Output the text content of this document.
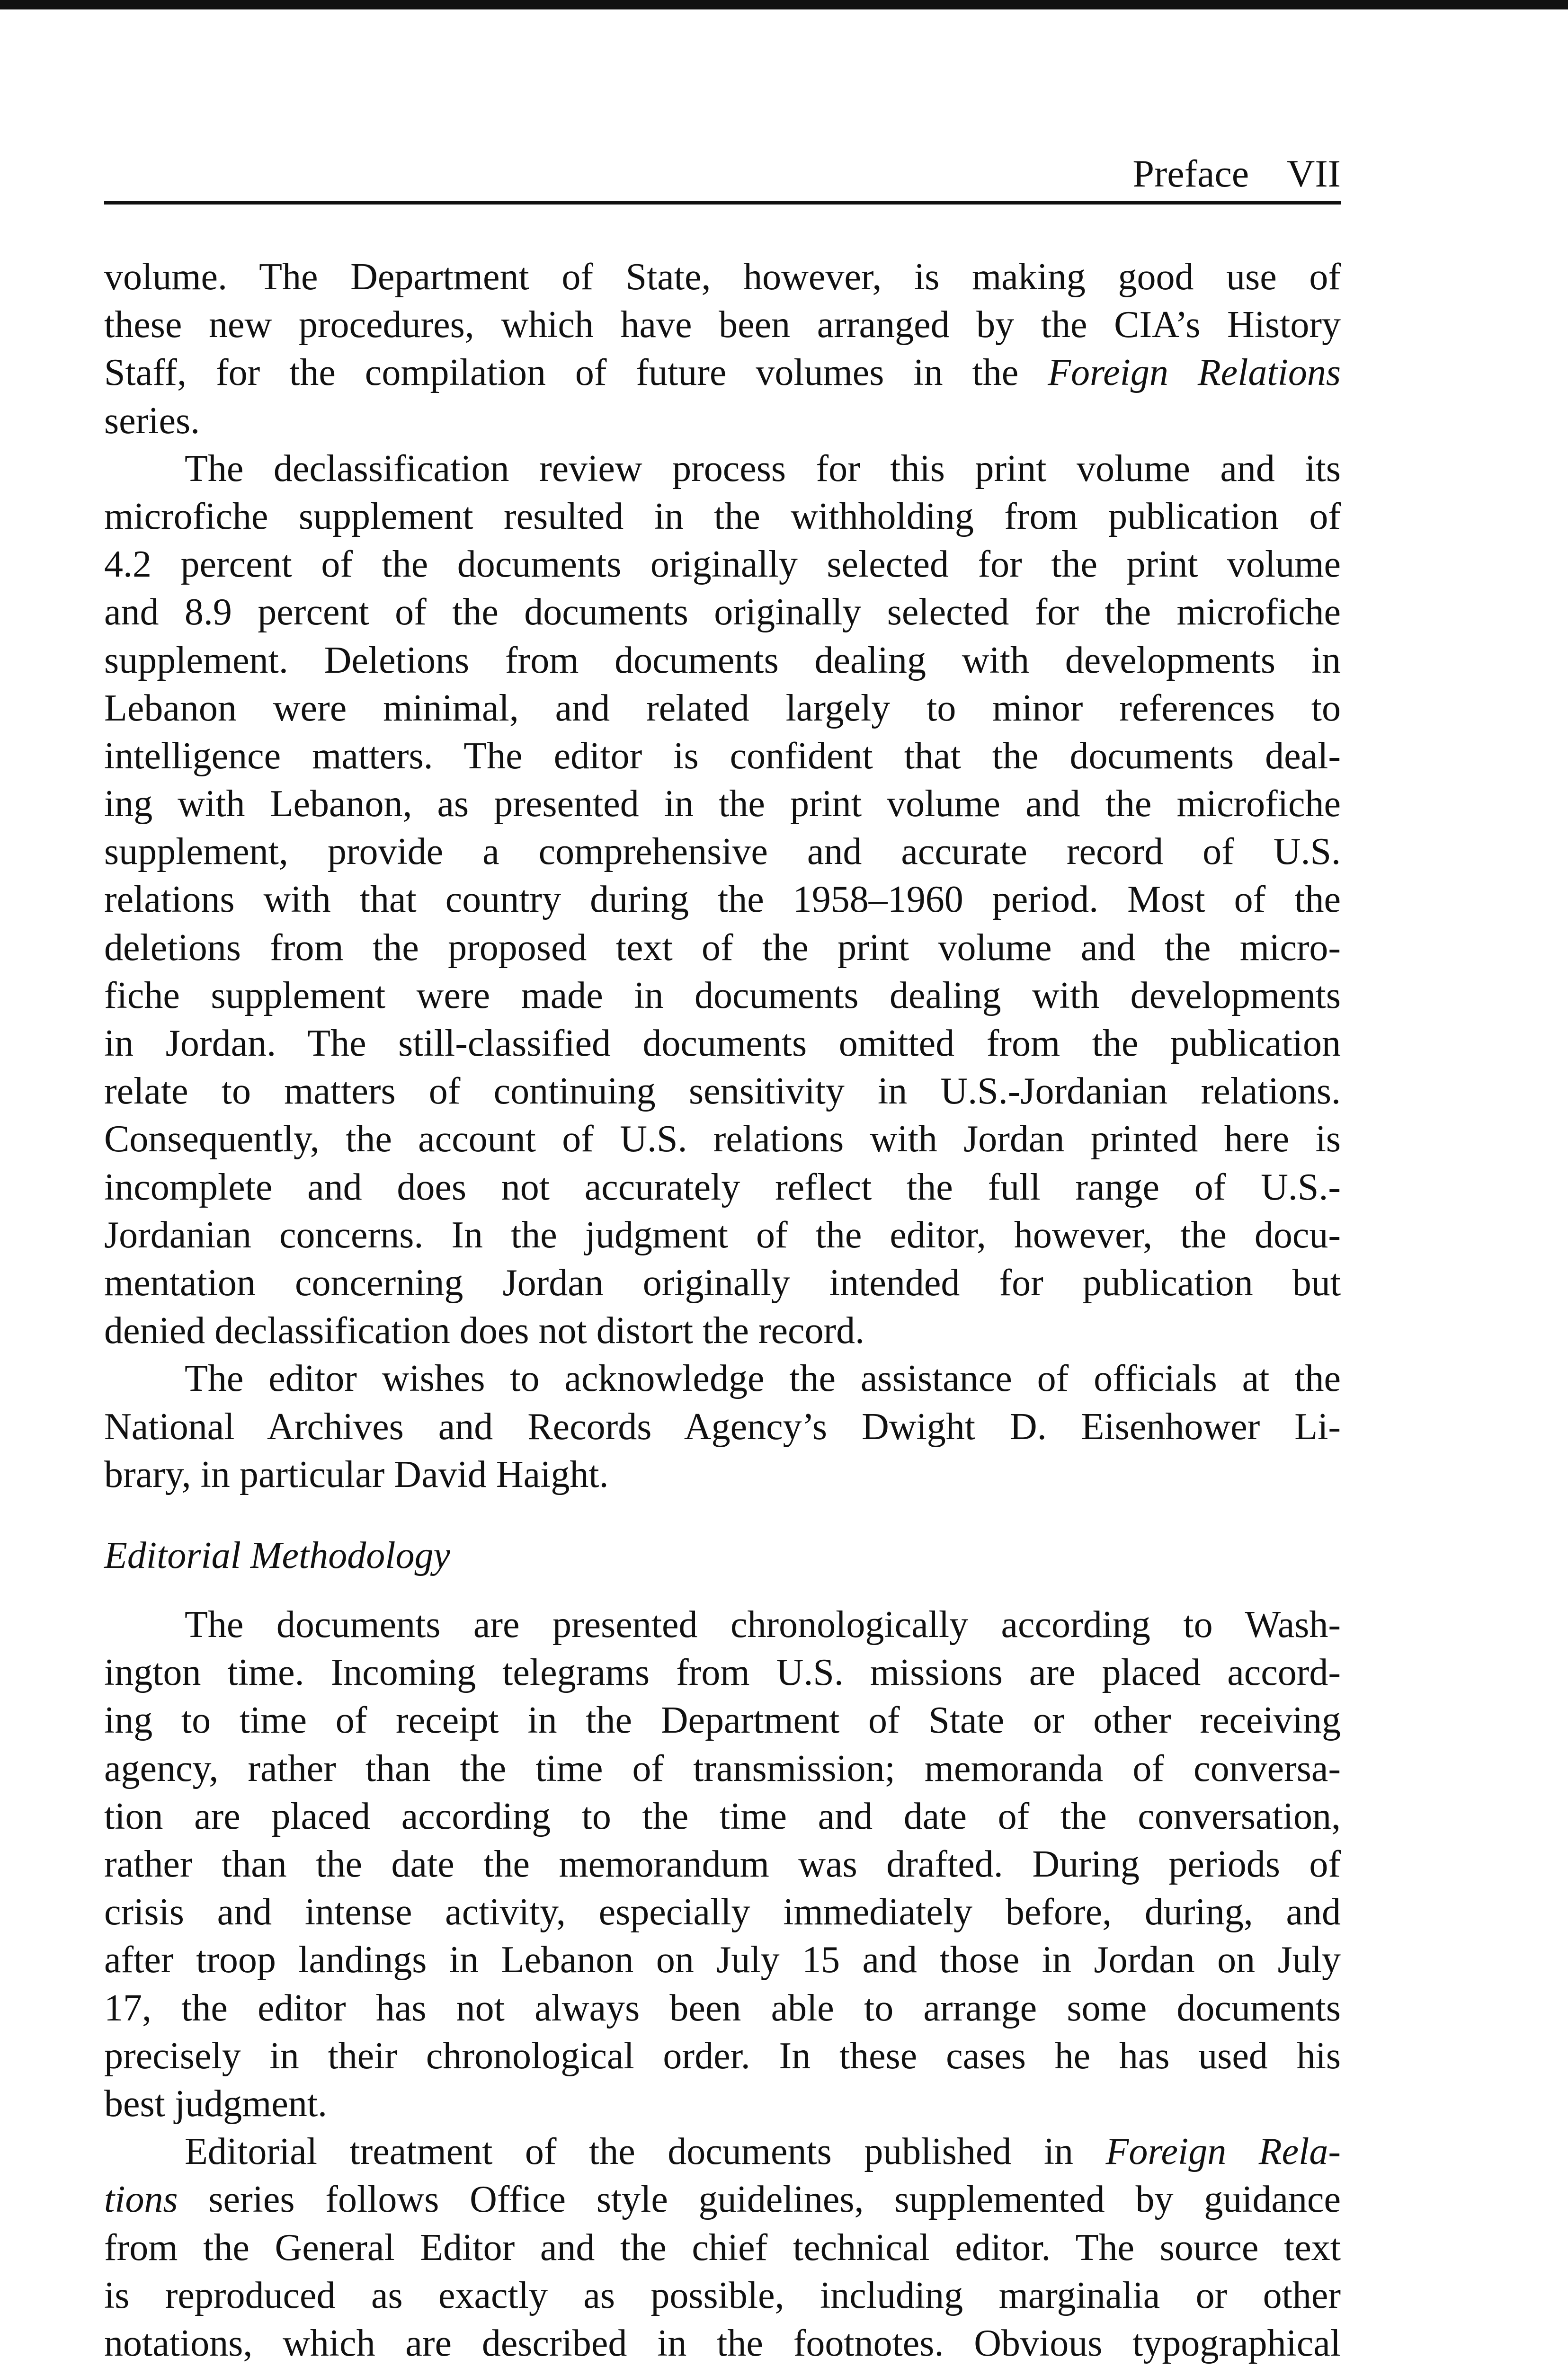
Preface VII
volume. The Department of State, however, is making good use of
these new procedures, which have been arranged by the CIA’s History
Staff, for the compilation of future volumes in the Foreign Relations
series.
The declassification review process for this print volume and its
microfiche supplement resulted in the withholding from publication of
4.2 percent of the documents originally selected for the print volume
and 8.9 percent of the documents originally selected for the microfiche
supplement. Deletions from documents dealing with developments in
Lebanon were minimal, and related largely to minor references to
intelligence matters. The editor is confident that the documents deal-
ing with Lebanon, as presented in the print volume and the microfiche
supplement, provide a comprehensive and accurate record of U.S.
relations with that country during the 1958–1960 period. Most of the
deletions from the proposed text of the print volume and the micro-
fiche supplement were made in documents dealing with developments
in Jordan. The still-classified documents omitted from the publication
relate to matters of continuing sensitivity in U.S.-Jordanian relations.
Consequently, the account of U.S. relations with Jordan printed here is
incomplete and does not accurately reflect the full range of U.S.-
Jordanian concerns. In the judgment of the editor, however, the docu-
mentation concerning Jordan originally intended for publication but
denied declassification does not distort the record.
The editor wishes to acknowledge the assistance of officials at the
National Archives and Records Agency’s Dwight D. Eisenhower Li-
brary, in particular David Haight.
Editorial Methodology
The documents are presented chronologically according to Wash-
ington time. Incoming telegrams from U.S. missions are placed accord-
ing to time of receipt in the Department of State or other receiving
agency, rather than the time of transmission; memoranda of conversa-
tion are placed according to the time and date of the conversation,
rather than the date the memorandum was drafted. During periods of
crisis and intense activity, especially immediately before, during, and
after troop landings in Lebanon on July 15 and those in Jordan on July
17, the editor has not always been able to arrange some documents
precisely in their chronological order. In these cases he has used his
best judgment.
Editorial treatment of the documents published in Foreign Rela-
tions series follows Office style guidelines, supplemented by guidance
from the General Editor and the chief technical editor. The source text
is reproduced as exactly as possible, including marginalia or other
notations, which are described in the footnotes. Obvious typographical
